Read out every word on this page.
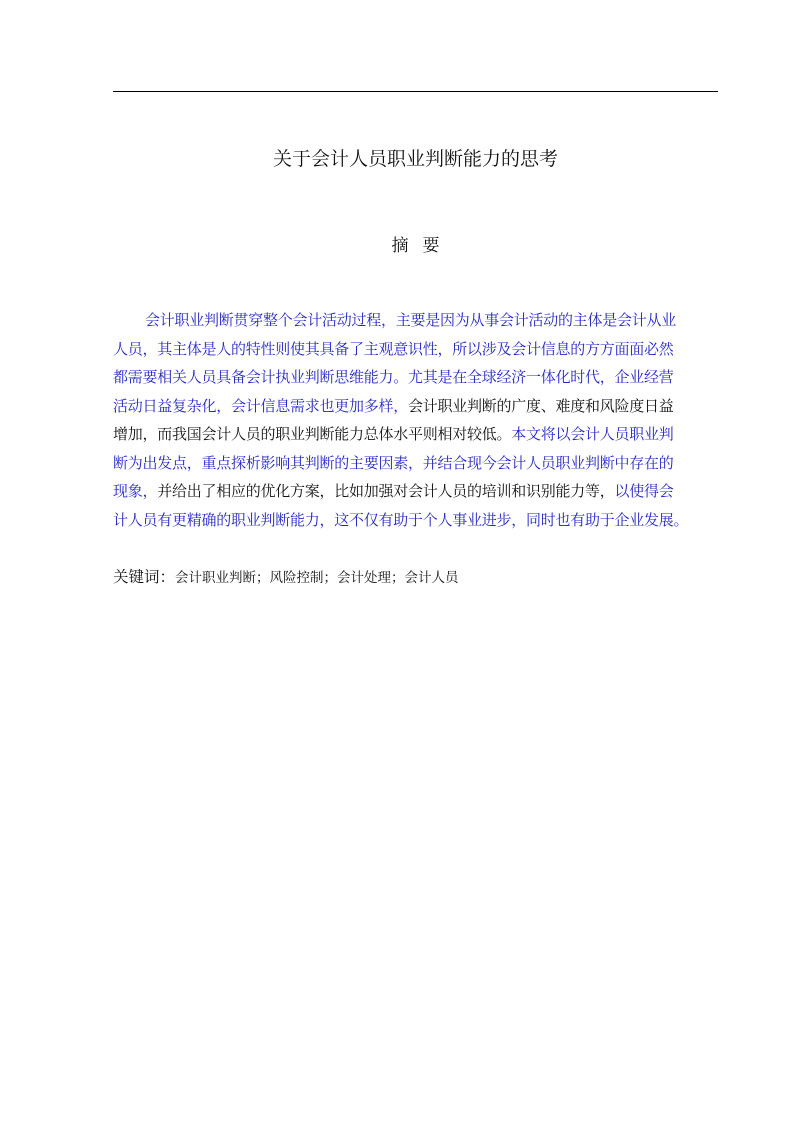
关于会计人员职业判断能力的思考
摘要
会计职业判断贯穿整个会计活动过程，主要是因为从事会计活动的主体是会计从业
人员，其主体是人的特性则使其具备了主观意识性，所以涉及会计信息的方方面面必然
都需要相关人员具备会计执业判断思维能力。尤其是在全球经济一体化时代，企业经营
活动日益复杂化，会计信息需求也更加多样，会计职业判断的广度、难度和风险度日益
增加，而我国会计人员的职业判断能力总体水平则相对较低。本文将以会计人员职业判
断为出发点，重点探析影响其判断的主要因素，并结合现今会计人员职业判断中存在的
现象，并给出了相应的优化方案，比如加强对会计人员的培训和识别能力等，以使得会
计人员有更精确的职业判断能力，这不仅有助于个人事业进步，同时也有助于企业发展。
关键词：会计职业判断；风险控制；会计处理；会计人员
